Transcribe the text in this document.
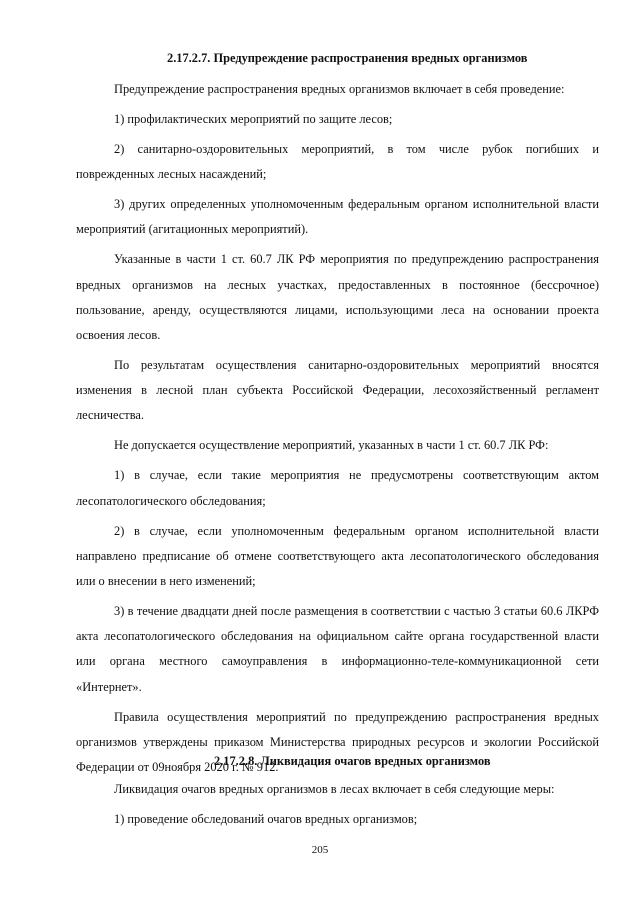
2.17.2.7. Предупреждение распространения вредных организмов

Предупреждение распространения вредных организмов включает в себя проведение:

1) профилактических мероприятий по защите лесов;

2) санитарно-оздоровительных мероприятий, в том числе рубок погибших и поврежденных лесных насаждений;

3) других определенных уполномоченным федеральным органом исполнительной власти мероприятий (агитационных мероприятий).

Указанные в части 1 ст. 60.7 ЛК РФ мероприятия по предупреждению распространения вредных организмов на лесных участках, предоставленных в постоянное (бессрочное) пользование, аренду, осуществляются лицами, использующими леса на основании проекта освоения лесов.

По результатам осуществления санитарно-оздоровительных мероприятий вносятся изменения в лесной план субъекта Российской Федерации, лесохозяйственный регламент лесничества.

Не допускается осуществление мероприятий, указанных в части 1 ст. 60.7 ЛК РФ:

1) в случае, если такие мероприятия не предусмотрены соответствующим актом лесопатологического обследования;

2) в случае, если уполномоченным федеральным органом исполнительной власти направлено предписание об отмене соответствующего акта лесопатологического обследования или о внесении в него изменений;

3) в течение двадцати дней после размещения в соответствии с частью 3 статьи 60.6 ЛКРФ акта лесопатологического обследования на официальном сайте органа государственной власти или органа местного самоуправления в информационно-теле-коммуникационной сети «Интернет».

Правила осуществления мероприятий по предупреждению распространения вредных организмов утверждены приказом Министерства природных ресурсов и экологии Российской Федерации от 09ноября 2020 г. № 912.

2.17.2.8. Ликвидация очагов вредных организмов

Ликвидация очагов вредных организмов в лесах включает в себя следующие меры:

1) проведение обследований очагов вредных организмов;

205
